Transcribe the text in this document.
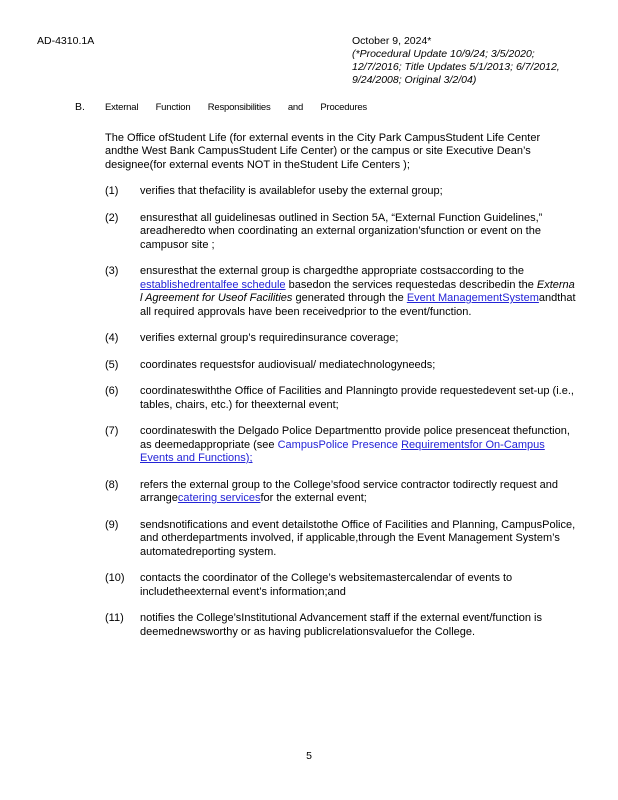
AD-4310.1A	October 9, 2024*
(*Procedural Update 10/9/24; 3/5/2020;
12/7/2016; Title Updates 5/1/2013; 6/7/2012,
9/24/2008; Original 3/2/04)
B.	External Function Responsibilities and Procedures
The Office ofStudent Life (for external events in the City Park CampusStudent Life Center andthe West Bank CampusStudent Life Center) or the campus or site Executive Dean’s designee(for external events NOT in theStudent Life Centers );
(1)	verifies that thefacility is availablefor useby the external group;
(2)	ensuresthat all guidelinesas outlined in Section 5A, “External Function Guidelines,” areadheredto when coordinating an external organization’sfunction or event on the campusor site ;
(3)	ensuresthat the external group is chargedthe appropriate costsaccording to the establishedrentalfee schedule basedon the services requestedas describedin the Externa l Agreement for Useof Facilities generated through the Event ManagementSystemandthat all required approvals have been receivedprior to the event/function.
(4)	verifies external group’s requiredinsurance coverage;
(5)	coordinates requestsfor audiovisual/ mediatechnologyneeds;
(6)	coordinateswiththe Office of Facilities and Planningto provide requestedevent set-up (i.e., tables, chairs, etc.) for theexternal event;
(7)	coordinateswith the Delgado Police Departmentto provide police presenceat thefunction, as deemedappropriate (see CampusPolice Presence Requirementsfor On-Campus Events and Functions);
(8)	refers the external group to the College’sfood service contractor todirectly request and arrangecatering servicesfor the external event;
(9)	sendsnotifications and event detailstothe Office of Facilities and Planning, CampusPolice, and otherdepartments involved, if applicable,through the Event Management System’s automatedreporting system.
(10)	contacts the coordinator of the College’s websitemastercalendar of events to includetheexternal event’s information;and
(11)	notifies the College’sInstitutional Advancement staff if the external event/function is deemednewsworthy or as having publicrelationsvaluefor the College.
5
